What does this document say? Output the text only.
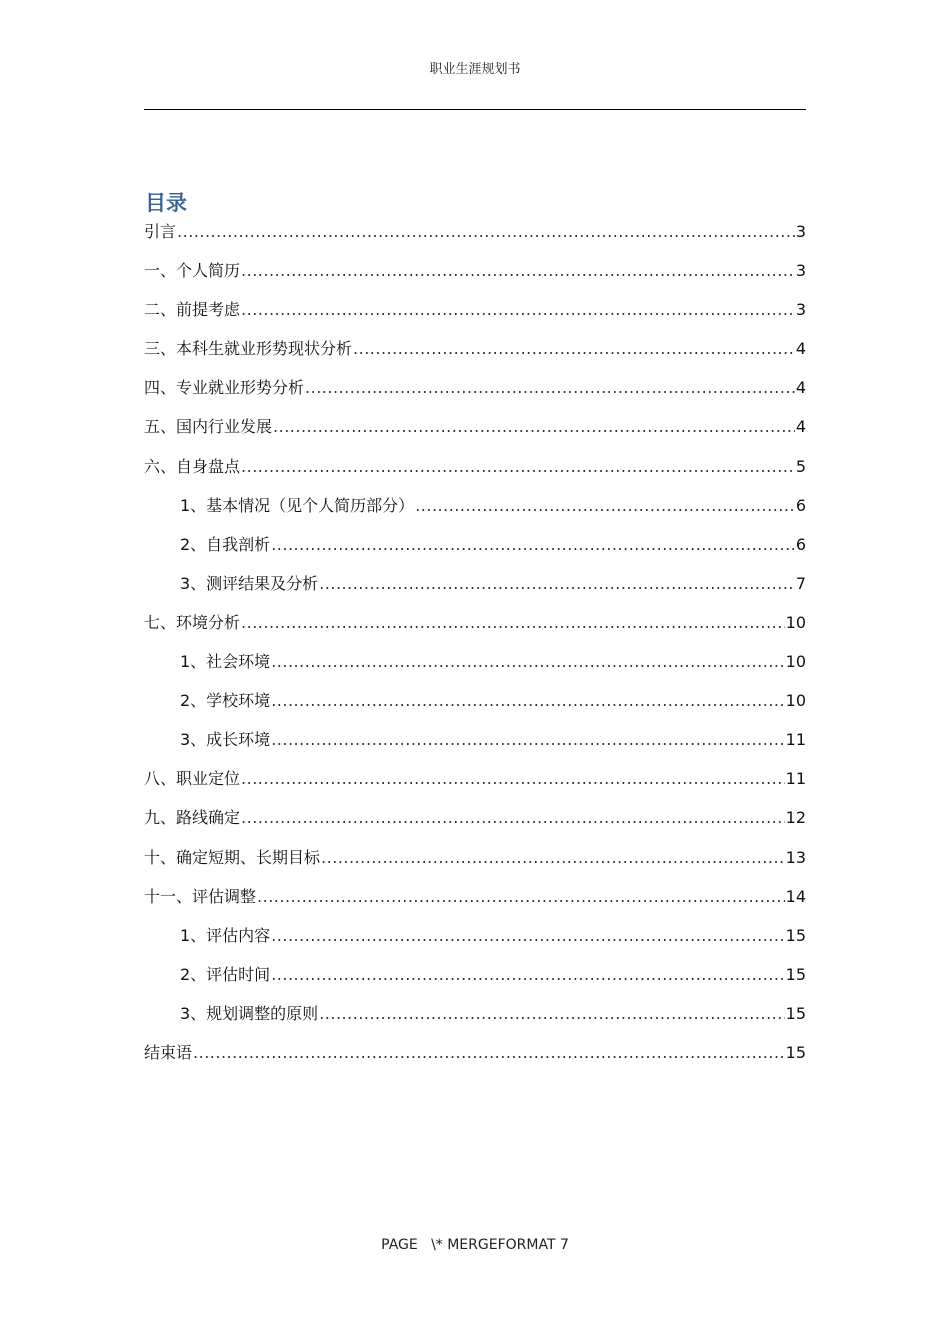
职业生涯规划书
目录
引言 .....	3
一、个人简历 .....	3
二、前提考虑 .....	3
三、本科生就业形势现状分析 .....	4
四、专业就业形势分析 .....	4
五、国内行业发展 .....	4
六、自身盘点 .....	5
1、基本情况（见个人简历部分） .....	6
2、自我剖析 .....	6
3、测评结果及分析 .....	7
七、环境分析 .....	10
1、社会环境 .....	10
2、学校环境 .....	10
3、成长环境 .....	11
八、职业定位 .....	11
九、路线确定 .....	12
十、确定短期、长期目标 .....	13
十一、评估调整 .....	14
1、评估内容 .....	15
2、评估时间 .....	15
3、规划调整的原则 .....	15
结束语 .....	15
PAGE   \* MERGEFORMAT 7
